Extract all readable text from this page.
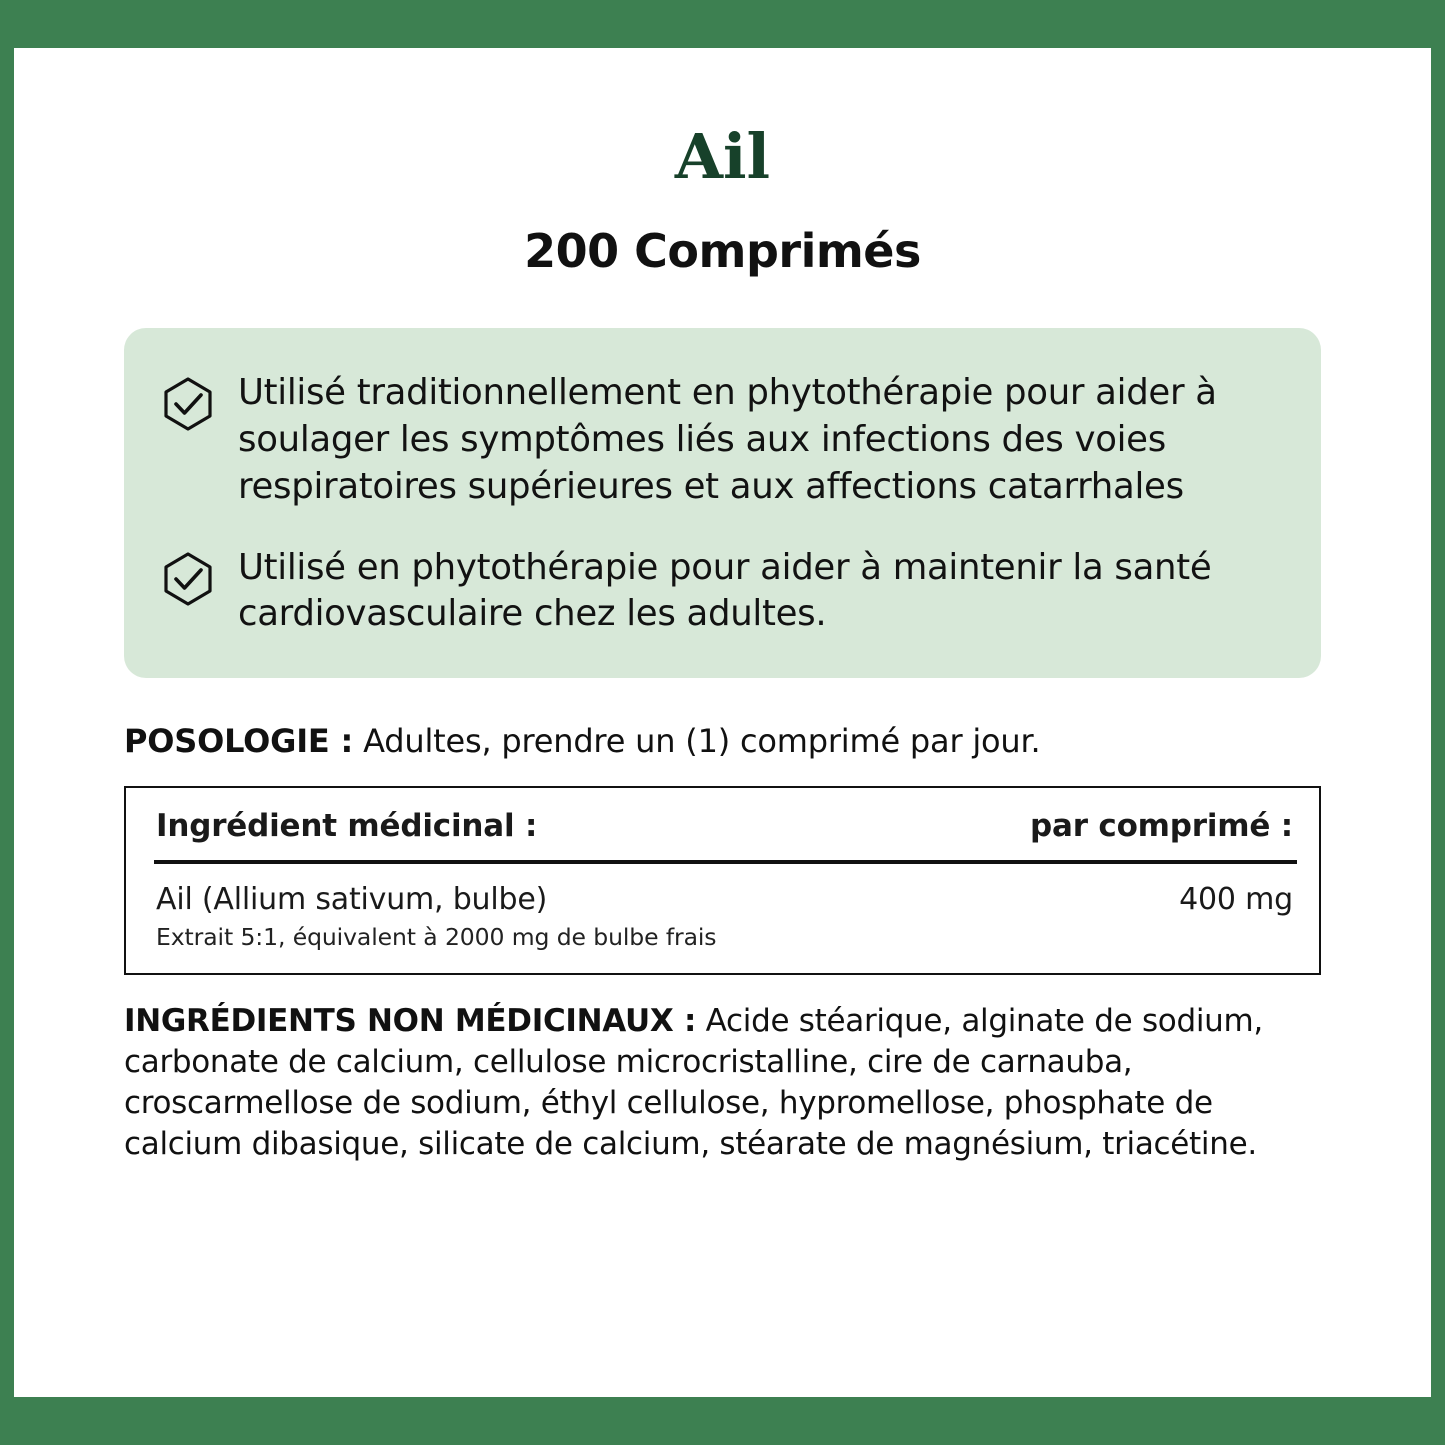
Ail
200 Comprimés
Utilisé traditionnellement en phytothérapie pour aider à soulager les symptômes liés aux infections des voies respiratoires supérieures et aux affections catarrhales
Utilisé en phytothérapie pour aider à maintenir la santé cardiovasculaire chez les adultes.
POSOLOGIE : Adultes, prendre un (1) comprimé par jour.
Ingrédient médicinal :	par comprimé :
Ail (Allium sativum, bulbe)	400 mg
Extrait 5:1, équivalent à 2000 mg de bulbe frais
INGRÉDIENTS NON MÉDICINAUX : Acide stéarique, alginate de sodium, carbonate de calcium, cellulose microcristalline, cire de carnauba, croscarmellose de sodium, éthyl cellulose, hypromellose, phosphate de calcium dibasique, silicate de calcium, stéarate de magnésium, triacétine.
